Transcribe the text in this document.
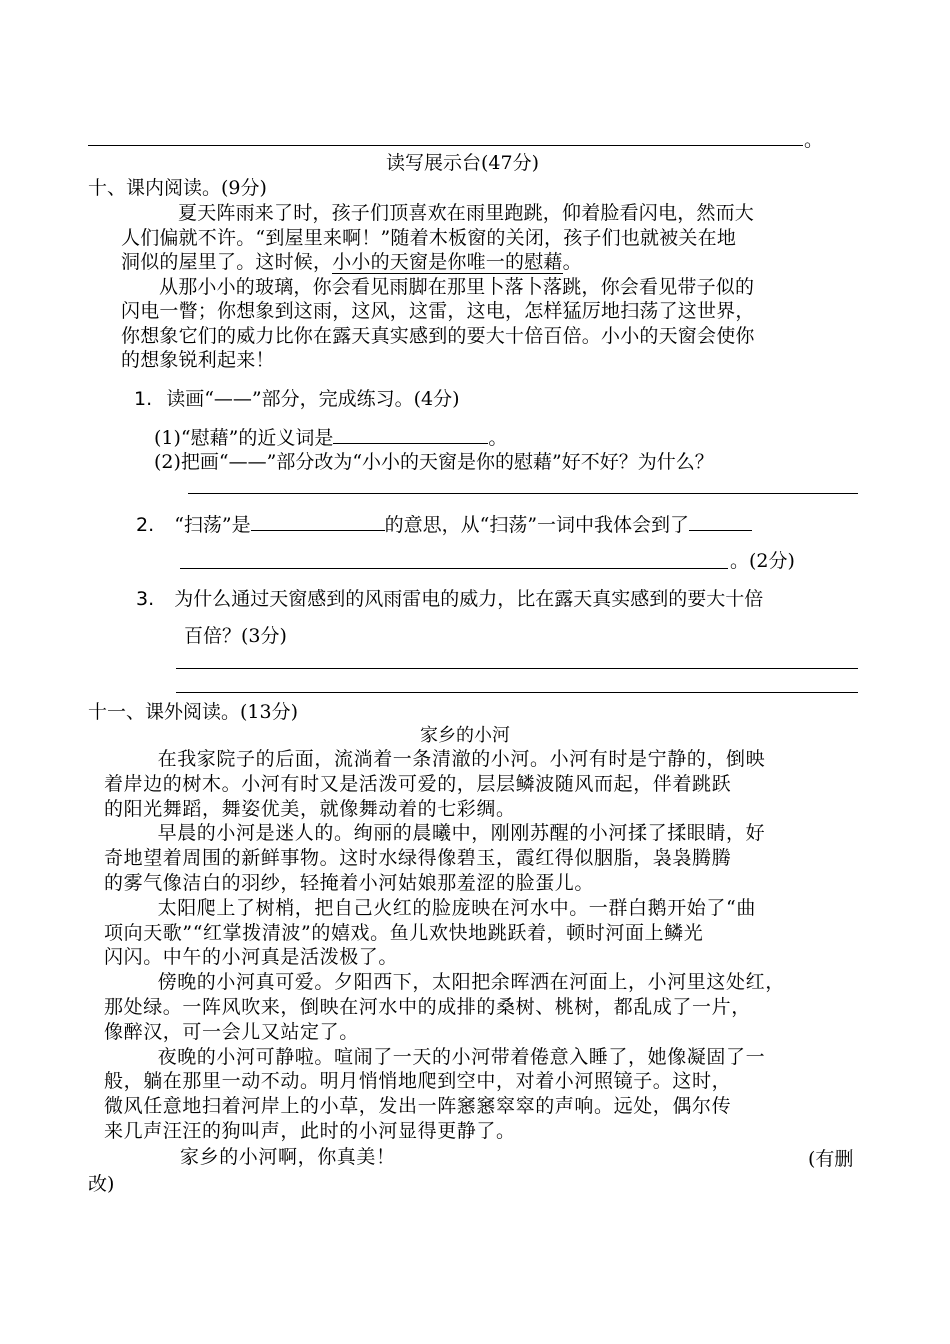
。
读写展示台(47分)
十、课内阅读。(9分)
夏天阵雨来了时，孩子们顶喜欢在雨里跑跳，仰着脸看闪电，然而大
人们偏就不许。“到屋里来啊！”随着木板窗的关闭，孩子们也就被关在地
洞似的屋里了。这时候，小小的天窗是你唯一的慰藉。
从那小小的玻璃，你会看见雨脚在那里卜落卜落跳，你会看见带子似的
闪电一瞥；你想象到这雨，这风，这雷，这电，怎样猛厉地扫荡了这世界，
你想象它们的威力比你在露天真实感到的要大十倍百倍。小小的天窗会使你
的想象锐利起来！
1. 读画“——”部分，完成练习。(4分)
(1)“慰藉”的近义词是	。
(2)把画“——”部分改为“小小的天窗是你的慰藉”好不好？为什么？
2. “扫荡”是	的意思，从“扫荡”一词中我体会到了
。(2分)
3. 为什么通过天窗感到的风雨雷电的威力，比在露天真实感到的要大十倍
百倍？(3分)
十一、课外阅读。(13分)
家乡的小河
　在我家院子的后面，流淌着一条清澈的小河。小河有时是宁静的，倒映
着岸边的树木。小河有时又是活泼可爱的，层层鳞波随风而起，伴着跳跃
的阳光舞蹈，舞姿优美，就像舞动着的七彩绸。
　早晨的小河是迷人的。绚丽的晨曦中，刚刚苏醒的小河揉了揉眼睛，好
奇地望着周围的新鲜事物。这时水绿得像碧玉，霞红得似胭脂，袅袅腾腾
的雾气像洁白的羽纱，轻掩着小河姑娘那羞涩的脸蛋儿。
　太阳爬上了树梢，把自己火红的脸庞映在河水中。一群白鹅开始了“曲
项向天歌”“红掌拨清波”的嬉戏。鱼儿欢快地跳跃着，顿时河面上鳞光
闪闪。中午的小河真是活泼极了。
　傍晚的小河真可爱。夕阳西下，太阳把余晖洒在河面上，小河里这处红，
那处绿。一阵风吹来，倒映在河水中的成排的桑树、桃树，都乱成了一片，
像醉汉，可一会儿又站定了。
　夜晚的小河可静啦。喧闹了一天的小河带着倦意入睡了，她像凝固了一
般，躺在那里一动不动。明月悄悄地爬到空中，对着小河照镜子。这时，
微风任意地扫着河岸上的小草，发出一阵窸窸窣窣的声响。远处，偶尔传
来几声汪汪的狗叫声，此时的小河显得更静了。
家乡的小河啊，你真美！	(有删
改)
